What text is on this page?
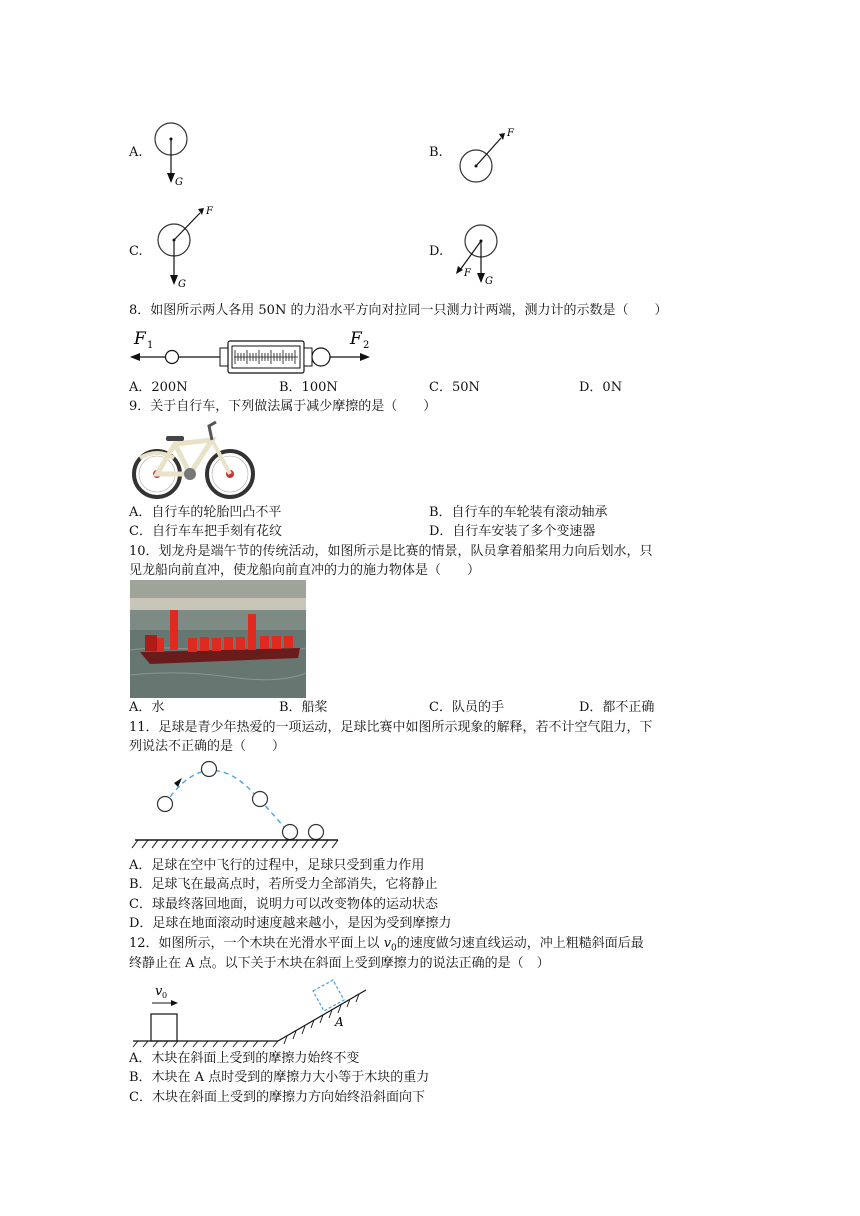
A.
G
B.
F
C.
F
G
D.
F
G
8．如图所示两人各用 50N 的力沿水平方向对拉同一只测力计两端，测力计的示数是（　　）
F 1	F 2
A．200N	B．100N	C．50N	D．0N
9．关于自行车，下列做法属于减少摩擦的是（　　）
A．自行车的轮胎凹凸不平	B．自行车的车轮装有滚动轴承
C．自行车车把手刻有花纹	D．自行车安装了多个变速器
10．划龙舟是端午节的传统活动，如图所示是比赛的情景，队员拿着船桨用力向后划水，只
见龙船向前直冲，使龙船向前直冲的力的施力物体是（　　）
A．水	B．船桨	C．队员的手	D．都不正确
11．足球是青少年热爱的一项运动，足球比赛中如图所示现象的解释，若不计空气阻力，下
列说法不正确的是（　　）
A．足球在空中飞行的过程中，足球只受到重力作用
B．足球飞在最高点时，若所受力全部消失，它将静止
C．球最终落回地面，说明力可以改变物体的运动状态
D．足球在地面滚动时速度越来越小，是因为受到摩擦力
12．如图所示，一个木块在光滑水平面上以 $v_0$的速度做匀速直线运动，冲上粗糙斜面后最
终静止在 A 点。以下关于木块在斜面上受到摩擦力的说法正确的是（　）
v 0
A
A．木块在斜面上受到的摩擦力始终不变
B．木块在 A 点时受到的摩擦力大小等于木块的重力
C．木块在斜面上受到的摩擦力方向始终沿斜面向下
